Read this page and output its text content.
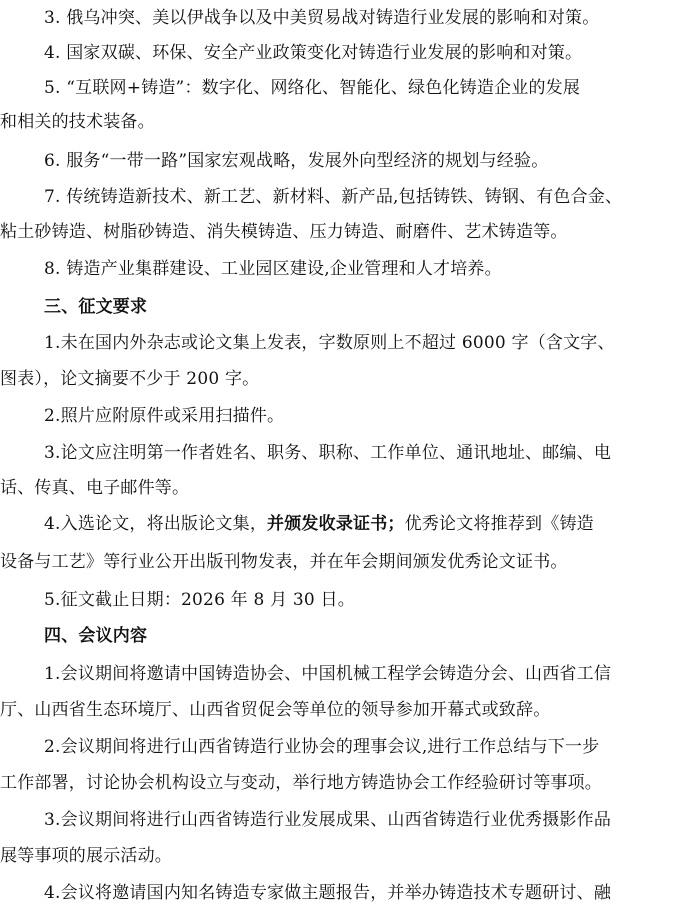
3. 俄乌冲突、美以伊战争以及中美贸易战对铸造行业发展的影响和对策。
4. 国家双碳、环保、安全产业政策变化对铸造行业发展的影响和对策。
5. “互联网+铸造”：数字化、网络化、智能化、绿色化铸造企业的发展
和相关的技术装备。
6. 服务“一带一路”国家宏观战略，发展外向型经济的规划与经验。
7. 传统铸造新技术、新工艺、新材料、新产品,包括铸铁、铸钢、有色合金、
粘土砂铸造、树脂砂铸造、消失模铸造、压力铸造、耐磨件、艺术铸造等。
8. 铸造产业集群建设、工业园区建设,企业管理和人才培养。
三、征文要求
1.未在国内外杂志或论文集上发表，字数原则上不超过 6000 字（含文字、
图表），论文摘要不少于 200 字。
2.照片应附原件或采用扫描件。
3.论文应注明第一作者姓名、职务、职称、工作单位、通讯地址、邮编、电
话、传真、电子邮件等。
4.入选论文，将出版论文集，并颁发收录证书；优秀论文将推荐到《铸造
设备与工艺》等行业公开出版刊物发表，并在年会期间颁发优秀论文证书。
5.征文截止日期：2026 年 8 月 30 日。
四、会议内容
1.会议期间将邀请中国铸造协会、中国机械工程学会铸造分会、山西省工信
厅、山西省生态环境厅、山西省贸促会等单位的领导参加开幕式或致辞。
2.会议期间将进行山西省铸造行业协会的理事会议,进行工作总结与下一步
工作部署，讨论协会机构设立与变动，举行地方铸造协会工作经验研讨等事项。
3.会议期间将进行山西省铸造行业发展成果、山西省铸造行业优秀摄影作品
展等事项的展示活动。
4.会议将邀请国内知名铸造专家做主题报告，并举办铸造技术专题研讨、融
